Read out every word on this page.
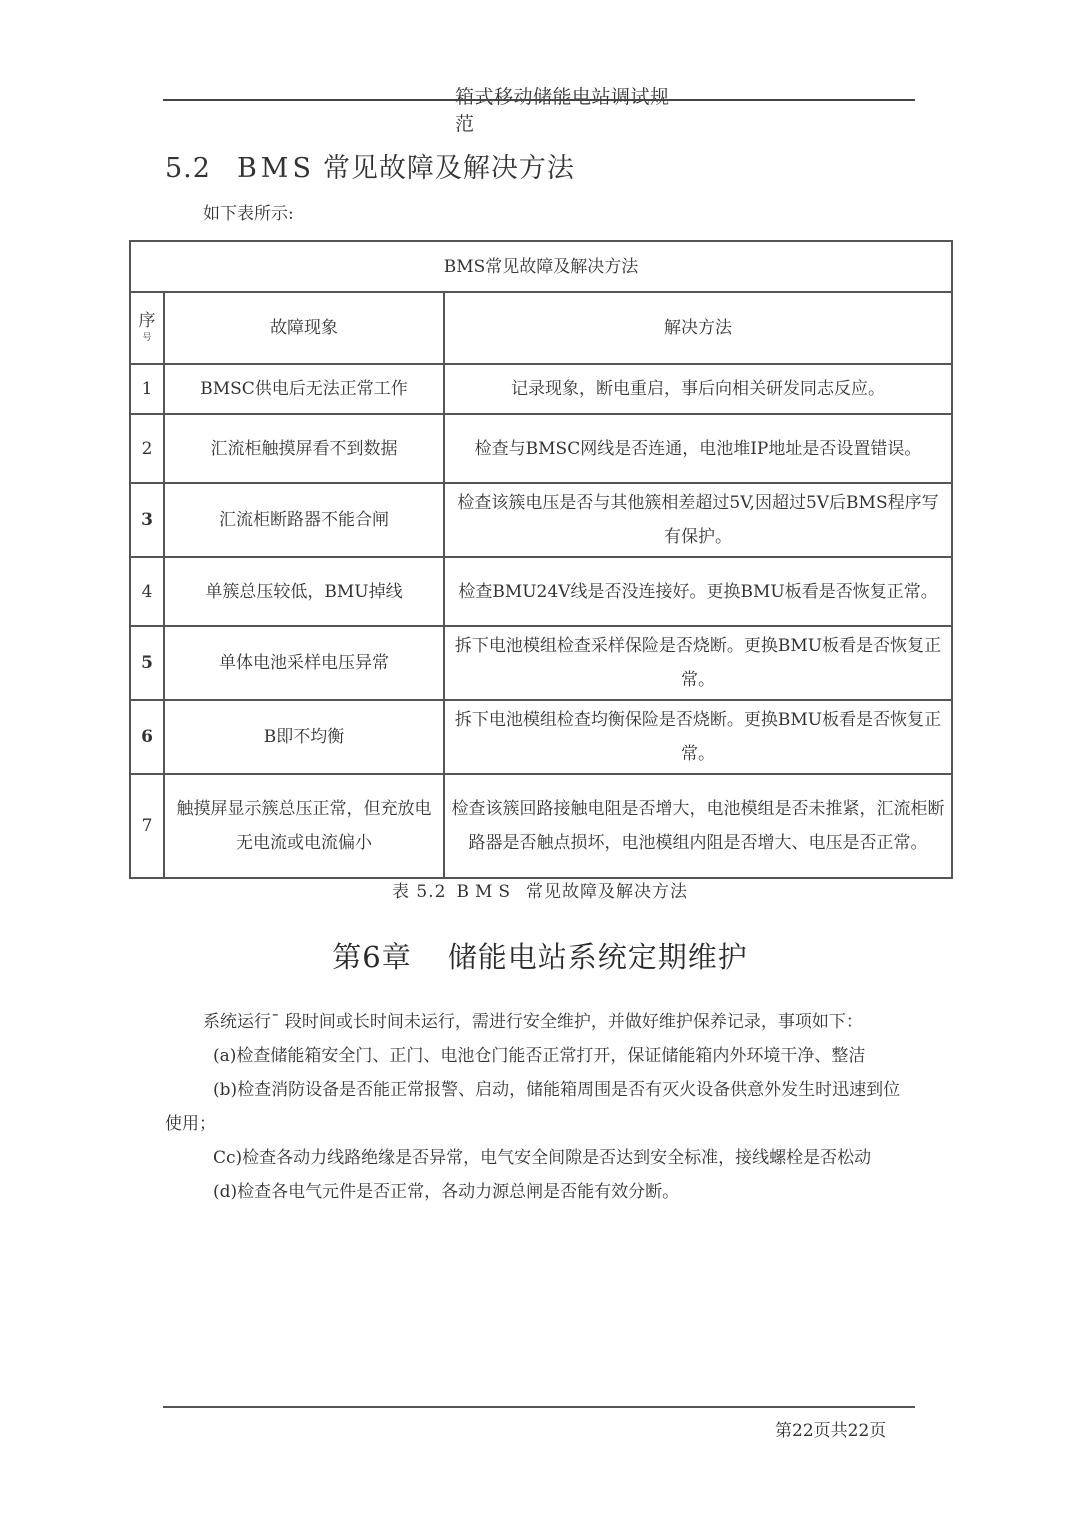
箱式移动储能电站调试规范
5.2 BMS 常见故障及解决方法
如下表所示:
BMS常见故障及解决方法		

序
号	故障现象	解决方法
1	BMSC供电后无法正常工作	记录现象，断电重启，事后向相关研发同志反应。
2	汇流柜触摸屏看不到数据	检查与BMSC网线是否连通，电池堆IP地址是否设置错误。
3	汇流柜断路器不能合闸	检查该簇电压是否与其他簇相差超过5V,因超过5V后BMS程序写有保护。
4	单簇总压较低，BMU掉线	检查BMU24V线是否没连接好。更换BMU板看是否恢复正常。
5	单体电池采样电压异常	拆下电池模组检查采样保险是否烧断。更换BMU板看是否恢复正常。
6	B即不均衡	拆下电池模组检查均衡保险是否烧断。更换BMU板看是否恢复正常。
7	触摸屏显示簇总压正常，但充放电无电流或电流偏小	检查该簇回路接触电阻是否增大，电池模组是否未推紧，汇流柜断路器是否触点损坏，电池模组内阻是否增大、电压是否正常。
表 5.2 BMS 常见故障及解决方法
第6章 储能电站系统定期维护

系统运行¯ 段时间或长时间未运行，需进行安全维护，并做好维护保养记录，事项如下：

(a)检查储能箱安全门、正门、电池仓门能否正常打开，保证储能箱内外环境干净、整洁

(b)检查消防设备是否能正常报警、启动，储能箱周围是否有灭火设备供意外发生时迅速到位使用；

Cc)检查各动力线路绝缘是否异常，电气安全间隙是否达到安全标准，接线螺栓是否松动

(d)检查各电气元件是否正常，各动力源总闸是否能有效分断。

第22页共22页
